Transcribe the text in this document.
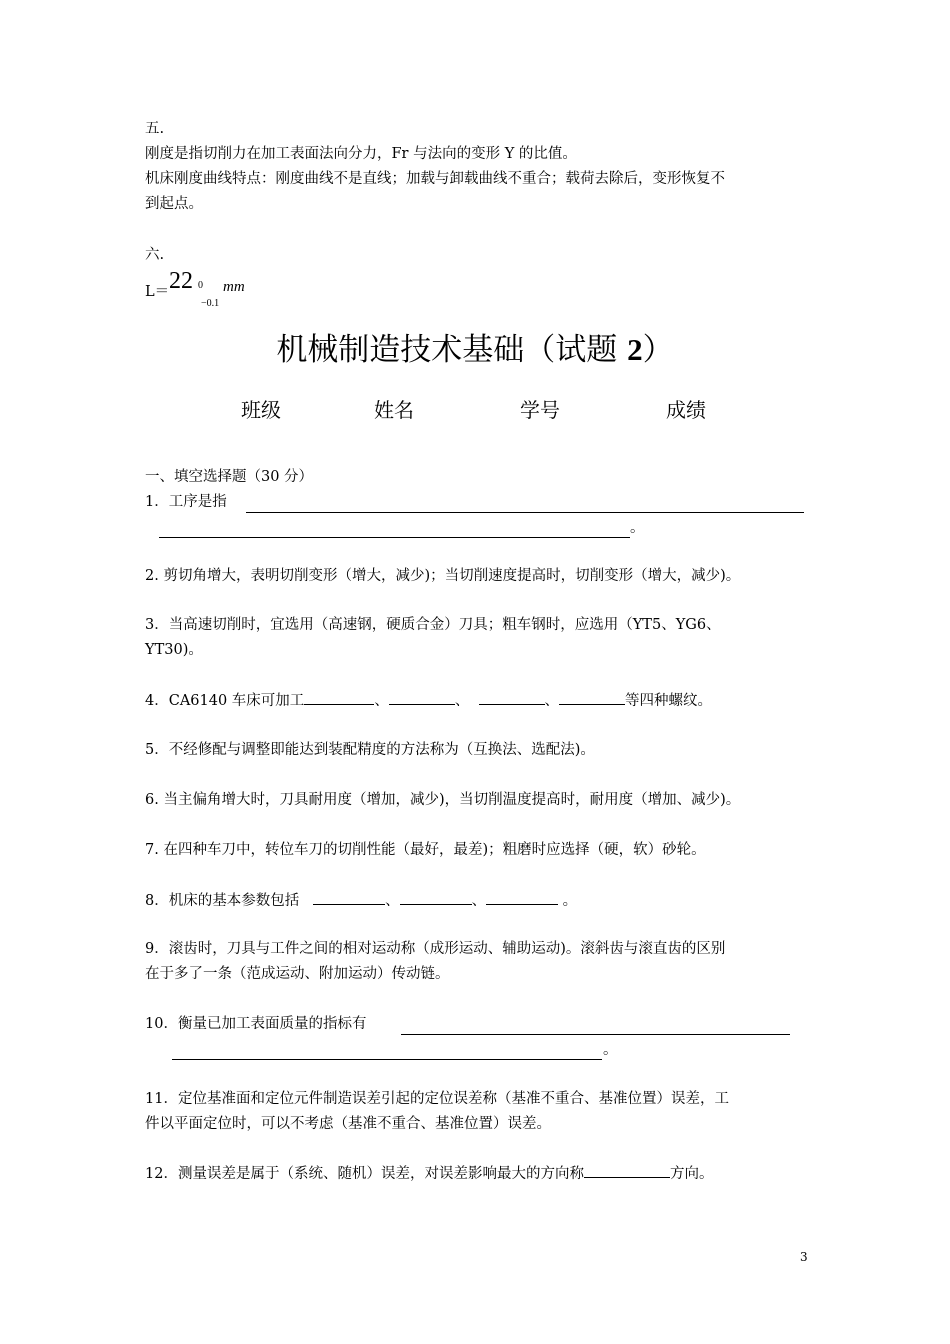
五.
刚度是指切削力在加工表面法向分力，Fr 与法向的变形 Y 的比值。
机床刚度曲线特点：刚度曲线不是直线；加载与卸载曲线不重合；载荷去除后，变形恢复不
到起点。
六.
L＝ 22 0
−0.1
mm
机械制造技术基础（试题 2）
班级	姓名	学号	成绩
一、填空选择题（30 分）
1．工序是指
。
2. 剪切角增大，表明切削变形（增大，减少)；当切削速度提高时，切削变形（增大，减少)。
3．当高速切削时，宜选用（高速钢，硬质合金）刀具；粗车钢时，应选用（YT5、YG6、
YT30)。
4．CA6140 车床可加工	、	、	、	等四种螺纹。
5．不经修配与调整即能达到装配精度的方法称为（互换法、选配法)。
6. 当主偏角增大时，刀具耐用度（增加，减少)，当切削温度提高时，耐用度（增加、减少)。
7. 在四种车刀中，转位车刀的切削性能（最好，最差)；粗磨时应选择（硬，软）砂轮。
8．机床的基本参数包括	、	、	。
9．滚齿时，刀具与工件之间的相对运动称（成形运动、辅助运动)。滚斜齿与滚直齿的区别
在于多了一条（范成运动、附加运动）传动链。
10．衡量已加工表面质量的指标有
。
11．定位基准面和定位元件制造误差引起的定位误差称（基准不重合、基准位置）误差，工
件以平面定位时，可以不考虑（基准不重合、基准位置）误差。
12．测量误差是属于（系统、随机）误差，对误差影响最大的方向称	方向。
3
